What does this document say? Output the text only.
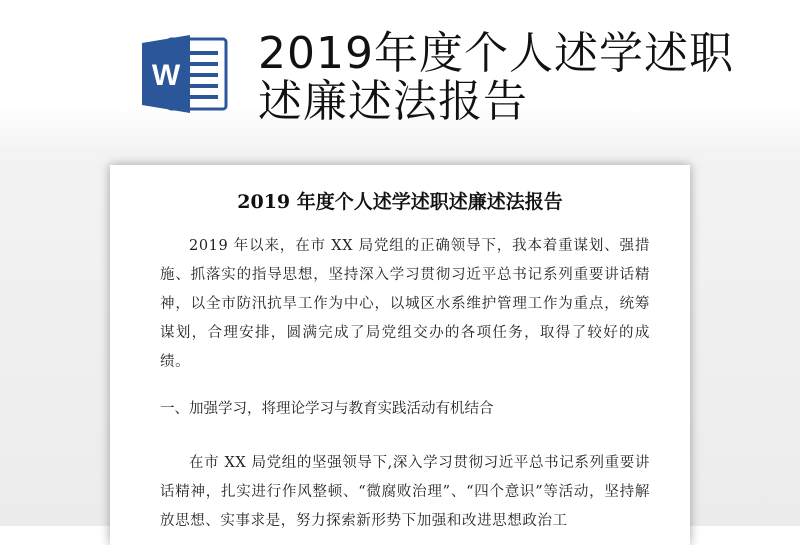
W 2019年度个人述学述职述廉述法报告
2019 年度个人述学述职述廉述法报告
2019 年以来，在市 XX 局党组的正确领导下，我本着重谋划、强措施、抓落实的指导思想，坚持深入学习贯彻习近平总书记系列重要讲话精神，以全市防汛抗旱工作为中心，以城区水系维护管理工作为重点，统筹谋划，合理安排，圆满完成了局党组交办的各项任务，取得了较好的成绩。
一、加强学习，将理论学习与教育实践活动有机结合
在市 XX 局党组的坚强领导下,深入学习贯彻习近平总书记系列重要讲话精神，扎实进行作风整顿、“微腐败治理”、“四个意识”等活动，坚持解放思想、实事求是，努力探索新形势下加强和改进思想政治工
